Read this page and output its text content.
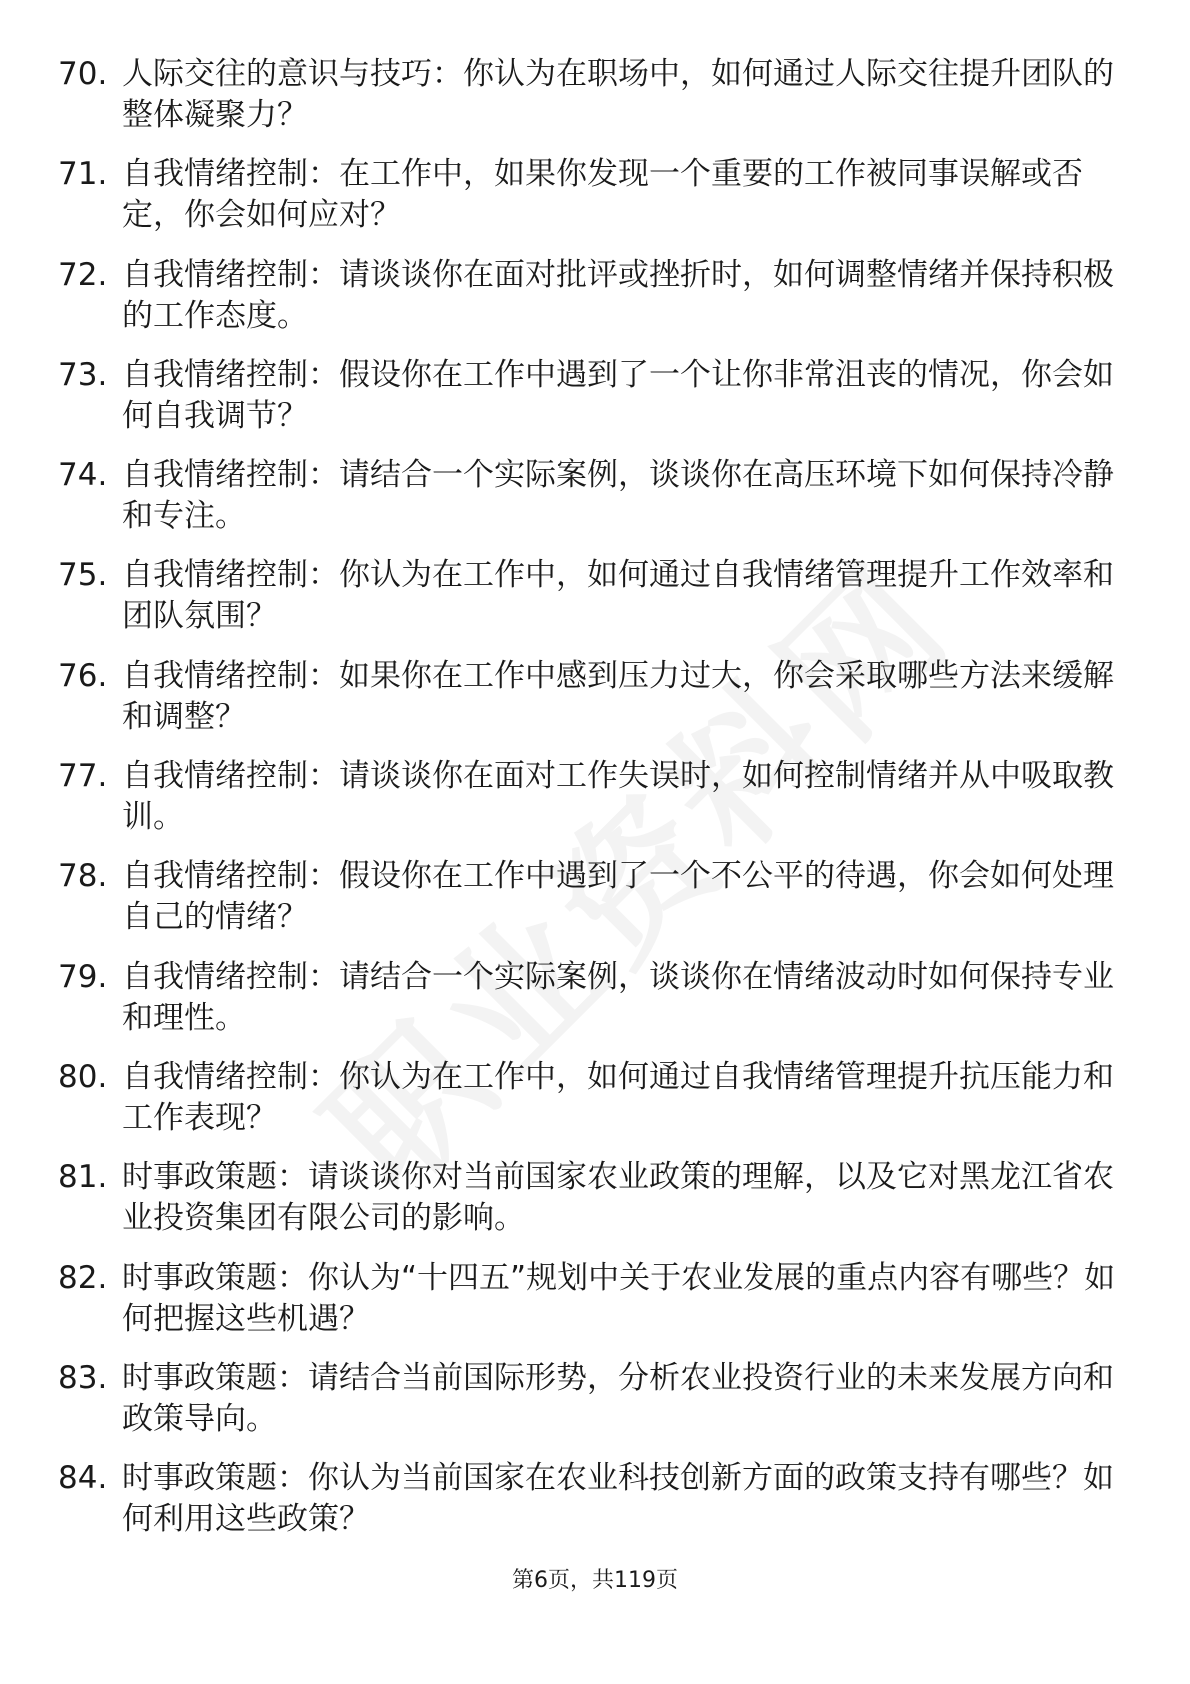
70. 人际交往的意识与技巧：你认为在职场中，如何通过人际交往提升团队的整体凝聚力？
71. 自我情绪控制：在工作中，如果你发现一个重要的工作被同事误解或否定，你会如何应对？
72. 自我情绪控制：请谈谈你在面对批评或挫折时，如何调整情绪并保持积极的工作态度。
73. 自我情绪控制：假设你在工作中遇到了一个让你非常沮丧的情况，你会如何自我调节？
74. 自我情绪控制：请结合一个实际案例，谈谈你在高压环境下如何保持冷静和专注。
75. 自我情绪控制：你认为在工作中，如何通过自我情绪管理提升工作效率和团队氛围？
76. 自我情绪控制：如果你在工作中感到压力过大，你会采取哪些方法来缓解和调整？
77. 自我情绪控制：请谈谈你在面对工作失误时，如何控制情绪并从中吸取教训。
78. 自我情绪控制：假设你在工作中遇到了一个不公平的待遇，你会如何处理自己的情绪？
79. 自我情绪控制：请结合一个实际案例，谈谈你在情绪波动时如何保持专业和理性。
80. 自我情绪控制：你认为在工作中，如何通过自我情绪管理提升抗压能力和工作表现？
81. 时事政策题：请谈谈你对当前国家农业政策的理解，以及它对黑龙江省农业投资集团有限公司的影响。
82. 时事政策题：你认为“十四五”规划中关于农业发展的重点内容有哪些？如何把握这些机遇？
83. 时事政策题：请结合当前国际形势，分析农业投资行业的未来发展方向和政策导向。
84. 时事政策题：你认为当前国家在农业科技创新方面的政策支持有哪些？如何利用这些政策？
第6页，共119页
